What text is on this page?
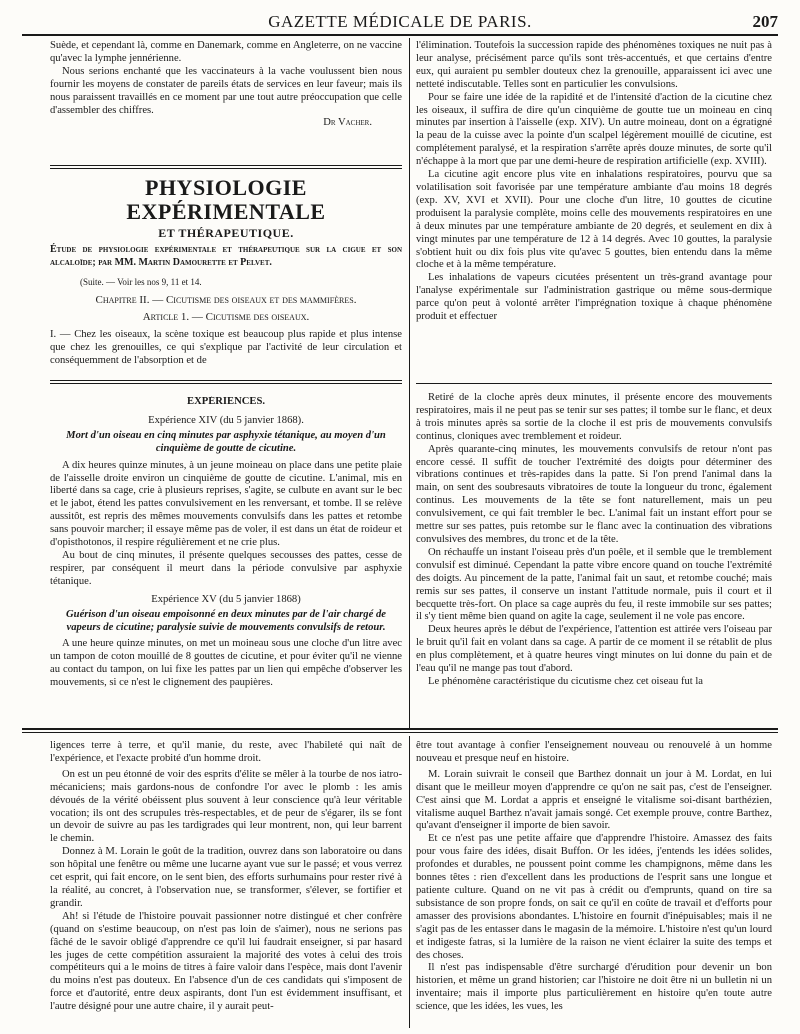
GAZETTE MÉDICALE DE PARIS.	207

Suède, et cependant là, comme en Danemark, comme en Angleterre, on ne vaccine qu'avec la lymphe jennérienne.

Nous serions enchanté que les vaccinateurs à la vache voulussent bien nous fournir les moyens de constater de pareils états de services en leur faveur; mais ils nous paraissent travaillés en ce moment par une tout autre préoccupation que celle d'assembler des chiffres.

Dr Vacher.

PHYSIOLOGIE EXPÉRIMENTALE
ET THÉRAPEUTIQUE.
Étude de physiologie expérimentale et thérapeutique sur la cigue et son alcaloïde; par MM. Martin Damourette et Pelvet.
(Suite. — Voir les nos 9, 11 et 14.
Chapitre II. — Cicutisme des oiseaux et des mammifères.
Article 1. — Cicutisme des oiseaux.

I. — Chez les oiseaux, la scène toxique est beaucoup plus rapide et plus intense que chez les grenouilles, ce qui s'explique par l'activité de leur circulation et conséquemment de l'absorption et de

EXPÉRIENCES.
Expérience XIV (du 5 janvier 1868).
Mort d'un oiseau en cinq minutes par asphyxie tétanique, au moyen d'un cinquième de goutte de cicutine.

A dix heures quinze minutes, à un jeune moineau on place dans une petite plaie de l'aisselle droite environ un cinquième de goutte de cicutine. L'animal, mis en liberté dans sa cage, crie à plusieurs reprises, s'agite, se culbute en avant sur le bec et le jabot, étend les pattes convulsivement en les renversant, et tombe. Il se relève aussitôt, est repris des mêmes mouvements convulsifs dans les pattes et retombe sans pouvoir marcher; il essaye même pas de voler, il est dans un état de roideur et d'opisthotonos, il respire régulièrement et ne crie plus.

Au bout de cinq minutes, il présente quelques secousses des pattes, cesse de respirer, par conséquent il meurt dans la période convulsive par asphyxie tétanique.

Expérience XV (du 5 janvier 1868)
Guérison d'un oiseau empoisonné en deux minutes par de l'air chargé de vapeurs de cicutine; paralysie suivie de mouvements convulsifs de retour.

A une heure quinze minutes, on met un moineau sous une cloche d'un litre avec un tampon de coton mouillé de 8 gouttes de cicutine, et pour éviter qu'il ne vienne au contact du tampon, on lui fixe les pattes par un lien qui empêche d'observer les mouvements, si ce n'est le clignement des paupières.

l'élimination. Toutefois la succession rapide des phénomènes toxiques ne nuit pas à leur analyse, précisément parce qu'ils sont très-accentués, et que certains d'entre eux, qui auraient pu sembler douteux chez la grenouille, apparaissent ici avec une netteté indiscutable. Telles sont en particulier les convulsions.

Pour se faire une idée de la rapidité et de l'intensité d'action de la cicutine chez les oiseaux, il suffira de dire qu'un cinquième de goutte tue un moineau en cinq minutes par insertion à l'aisselle (exp. XIV). Un autre moineau, dont on a égratigné la peau de la cuisse avec la pointe d'un scalpel légèrement mouillé de cicutine, est complétement paralysé, et la respiration s'arrête après douze minutes, de sorte qu'il n'échappe à la mort que par une demi-heure de respiration artificielle (exp. XVIII).

La cicutine agit encore plus vite en inhalations respiratoires, pourvu que sa volatilisation soit favorisée par une température ambiante d'au moins 18 degrés (exp. XV, XVI et XVII). Pour une cloche d'un litre, 10 gouttes de cicutine produisent la paralysie complète, moins celle des mouvements respiratoires en une à deux minutes par une température ambiante de 20 degrés, et seulement en dix à vingt minutes par une température de 12 à 14 degrés. Avec 10 gouttes, la paralysie s'obtient huit ou dix fois plus vite qu'avec 5 gouttes, bien entendu dans la même cloche et à la même température.

Les inhalations de vapeurs cicutées présentent un très-grand avantage pour l'analyse expérimentale sur l'administration gastrique ou même sous-dermique parce qu'on peut à volonté arrêter l'imprégnation toxique à chaque phénomène produit et effectuer

Retiré de la cloche après deux minutes, il présente encore des mouvements respiratoires, mais il ne peut pas se tenir sur ses pattes; il tombe sur le flanc, et deux à trois minutes après sa sortie de la cloche il est pris de mouvements convulsifs continus, cloniques avec tremblement et roideur.

Après quarante-cinq minutes, les mouvements convulsifs de retour n'ont pas encore cessé. Il suffit de toucher l'extrémité des doigts pour déterminer des vibrations continues et très-rapides dans la patte. Si l'on prend l'animal dans la main, on sent des soubresauts vibratoires de toute la longueur du tronc, également continus. Les mouvements de la tête se font naturellement, mais un peu convulsivement, ce qui fait trembler le bec. L'animal fait un instant effort pour se mettre sur ses pattes, puis retombe sur le flanc avec la continuation des vibrations convulsives des membres, du tronc et de la tête.

On réchauffe un instant l'oiseau près d'un poêle, et il semble que le tremblement convulsif est diminué. Cependant la patte vibre encore quand on touche l'extrémité des doigts. Au pincement de la patte, l'animal fait un saut, et retombe couché; mais remis sur ses pattes, il conserve un instant l'attitude normale, puis il court et il becquette très-fort. On place sa cage auprès du feu, il reste immobile sur ses pattes; il s'y tient même bien quand on agite la cage, seulement il ne vole pas encore.

Deux heures après le début de l'expérience, l'attention est attirée vers l'oiseau par le bruit qu'il fait en volant dans sa cage. A partir de ce moment il se rétablit de plus en plus complètement, et à quatre heures vingt minutes on lui donne du pain et de l'eau qu'il ne mange pas tout d'abord.

Le phénomène caractéristique du cicutisme chez cet oiseau fut la

ligences terre à terre, et qu'il manie, du reste, avec l'habileté qui naît de l'expérience, et l'exacte probité d'un homme droit.

On est un peu étonné de voir des esprits d'élite se mêler à la tourbe de nos iatro-mécaniciens; mais gardons-nous de confondre l'or avec le plomb : les amis dévoués de la vérité obéissent plus souvent à leur conscience qu'à leur véritable vocation; ils ont des scrupules très-respectables, et de peur de s'égarer, ils se font un devoir de suivre au pas les tardigrades qui leur montrent, non, qui leur barrent le chemin.

Donnez à M. Lorain le goût de la tradition, ouvrez dans son laboratoire ou dans son hôpital une fenêtre ou même une lucarne ayant vue sur le passé; et vous verrez cet esprit, qui fait encore, on le sent bien, des efforts surhumains pour rester rivé à la réalité, au concret, à l'observation nue, se transformer, s'élever, se fortifier et grandir.

Ah! si l'étude de l'histoire pouvait passionner notre distingué et cher confrère (quand on s'estime beaucoup, on n'est pas loin de s'aimer), nous ne serions pas fâché de le savoir obligé d'apprendre ce qu'il lui faudrait enseigner, si par hasard les juges de cette compétition assuraient la majorité des votes à celui des trois compétiteurs qui a le moins de titres à faire valoir dans l'espèce, mais dont l'avenir du moins n'est pas douteux. En l'absence d'un de ces candidats qui s'imposent de force et d'autorité, entre deux aspirants, dont l'un est évidemment insuffisant, et l'autre désigné pour une autre chaire, il y aurait peut-

être tout avantage à confier l'enseignement nouveau ou renouvelé à un homme nouveau et presque neuf en histoire.

M. Lorain suivrait le conseil que Barthez donnait un jour à M. Lordat, en lui disant que le meilleur moyen d'apprendre ce qu'on ne sait pas, c'est de l'enseigner. C'est ainsi que M. Lordat a appris et enseigné le vitalisme soi-disant barthézien, vitalisme auquel Barthez n'avait jamais songé. Cet exemple prouve, contre Barthez, qu'avant d'enseigner il importe de bien savoir.

Et ce n'est pas une petite affaire que d'apprendre l'histoire. Amassez des faits pour vous faire des idées, disait Buffon. Or les idées, j'entends les idées solides, profondes et durables, ne poussent point comme les champignons, même dans les bonnes têtes : rien d'excellent dans les productions de l'esprit sans une longue et patiente culture. Quand on ne vit pas à crédit ou d'emprunts, quand on tire sa subsistance de son propre fonds, on sait ce qu'il en coûte de travail et d'efforts pour amasser des provisions abondantes. L'histoire en fournit d'inépuisables; mais il ne s'agit pas de les entasser dans le magasin de la mémoire. L'histoire n'est qu'un lourd et indigeste fatras, si la lumière de la raison ne vient éclairer la suite des temps et des choses.

Il n'est pas indispensable d'être surchargé d'érudition pour devenir un bon historien, et même un grand historien; car l'histoire ne doit être ni un bulletin ni un inventaire; mais il importe plus particulièrement en histoire qu'en toute autre science, que les idées, les vues, les
